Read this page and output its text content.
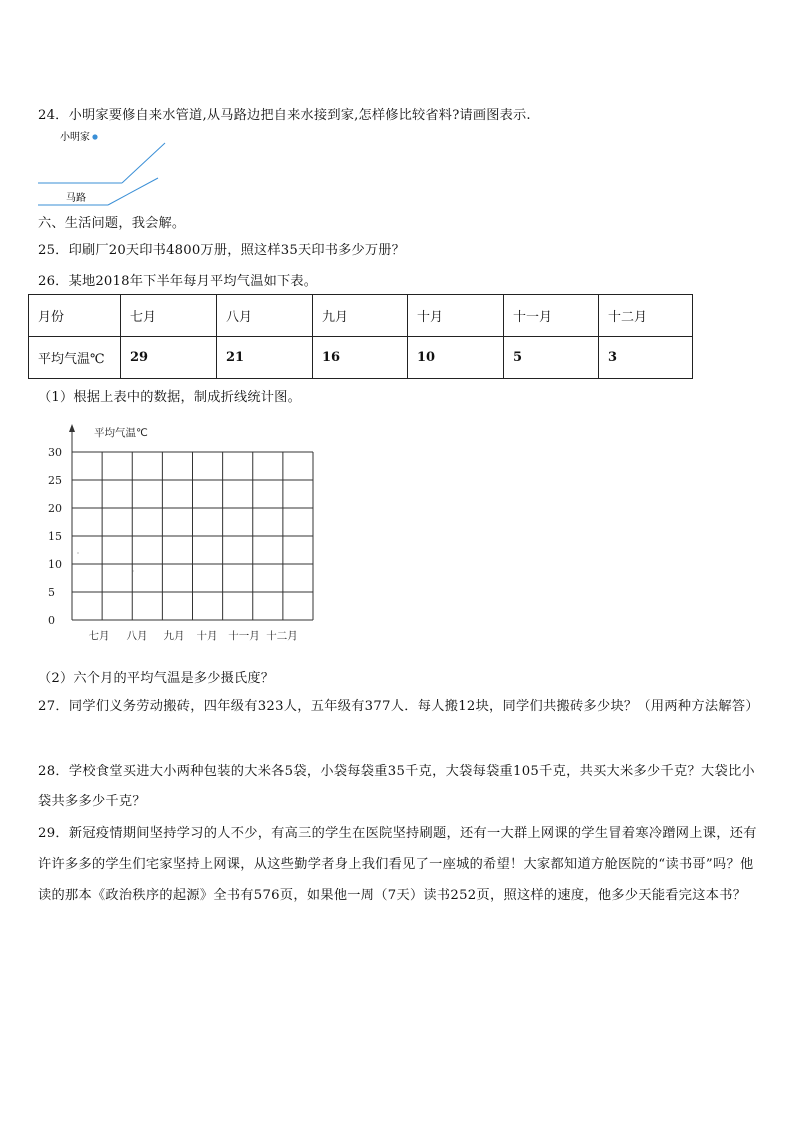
24．小明家要修自来水管道,从马路边把自来水接到家,怎样修比较省料?请画图表示.
小明家
马路
六、生活问题，我会解。
25．印刷厂20天印书4800万册，照这样35天印书多少万册？
26．某地2018年下半年每月平均气温如下表。
月份	七月	八月	九月	十月	十一月	十二月
平均气温℃	29	21	16	10	5	3
（1）根据上表中的数据，制成折线统计图。
30
25
20
15
10
5
0
平均气温℃
七月 八月 九月 十月 十一月 十二月
（2）六个月的平均气温是多少摄氏度？
27．同学们义务劳动搬砖，四年级有323人，五年级有377人．每人搬12块，同学们共搬砖多少块？（用两种方法解答）
28．学校食堂买进大小两种包装的大米各5袋，小袋每袋重35千克，大袋每袋重105千克，共买大米多少千克？大袋比小袋共多多少千克？
29．新冠疫情期间坚持学习的人不少，有高三的学生在医院坚持刷题，还有一大群上网课的学生冒着寒冷蹭网上课，还有许许多多的学生们宅家坚持上网课，从这些勤学者身上我们看见了一座城的希望！大家都知道方舱医院的“读书哥”吗？他读的那本《政治秩序的起源》全书有576页，如果他一周（7天）读书252页，照这样的速度，他多少天能看完这本书？
